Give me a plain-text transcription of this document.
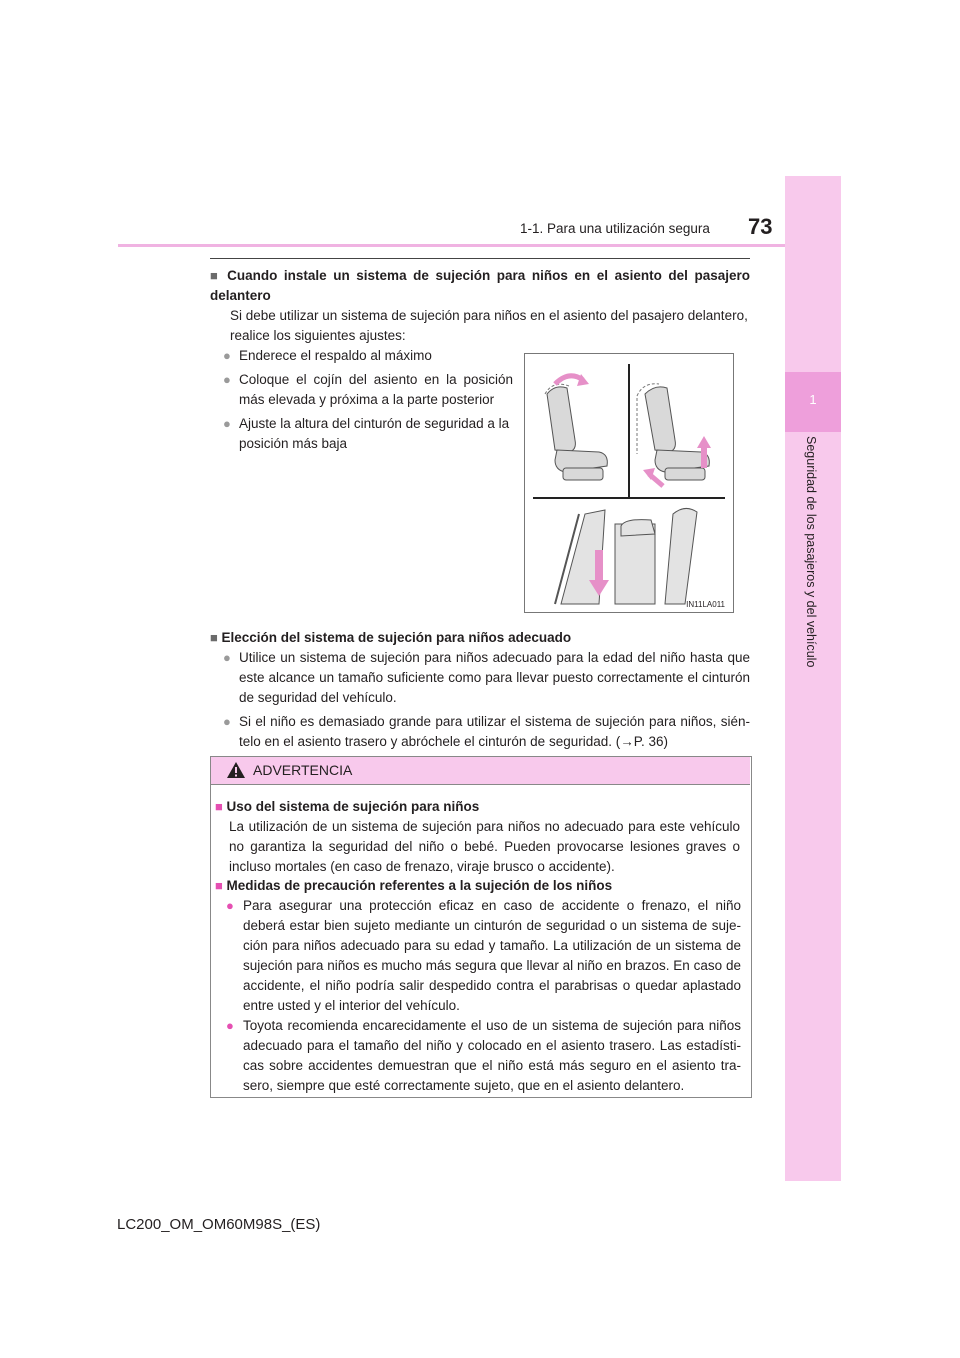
1-1. Para una utilización segura 73
1
Seguridad de los pasajeros y del vehículo
■ Cuando instale un sistema de sujeción para niños en el asiento del pasajero delantero
Si debe utilizar un sistema de sujeción para niños en el asiento del pasajero delantero, realice los siguientes ajustes:
● Enderece el respaldo al máximo
● Coloque el cojín del asiento en la posición más elevada y próxima a la parte posterior
● Ajuste la altura del cinturón de seguridad a la posición más baja
IN11LA011
■ Elección del sistema de sujeción para niños adecuado
● Utilice un sistema de sujeción para niños adecuado para la edad del niño hasta que este alcance un tamaño suficiente como para llevar puesto correctamente el cinturón de seguridad del vehículo.
● Si el niño es demasiado grande para utilizar el sistema de sujeción para niños, sién-telo en el asiento trasero y abróchele el cinturón de seguridad. (→P. 36)
ADVERTENCIA
■ Uso del sistema de sujeción para niños
La utilización de un sistema de sujeción para niños no adecuado para este vehículo no garantiza la seguridad del niño o bebé. Pueden provocarse lesiones graves o incluso mortales (en caso de frenazo, viraje brusco o accidente).
■ Medidas de precaución referentes a la sujeción de los niños
● Para asegurar una protección eficaz en caso de accidente o frenazo, el niño deberá estar bien sujeto mediante un cinturón de seguridad o un sistema de suje-ción para niños adecuado para su edad y tamaño. La utilización de un sistema de sujeción para niños es mucho más segura que llevar al niño en brazos. En caso de accidente, el niño podría salir despedido contra el parabrisas o quedar aplastado entre usted y el interior del vehículo.
● Toyota recomienda encarecidamente el uso de un sistema de sujeción para niños adecuado para el tamaño del niño y colocado en el asiento trasero. Las estadísti-cas sobre accidentes demuestran que el niño está más seguro en el asiento tra-sero, siempre que esté correctamente sujeto, que en el asiento delantero.
LC200_OM_OM60M98S_(ES)
